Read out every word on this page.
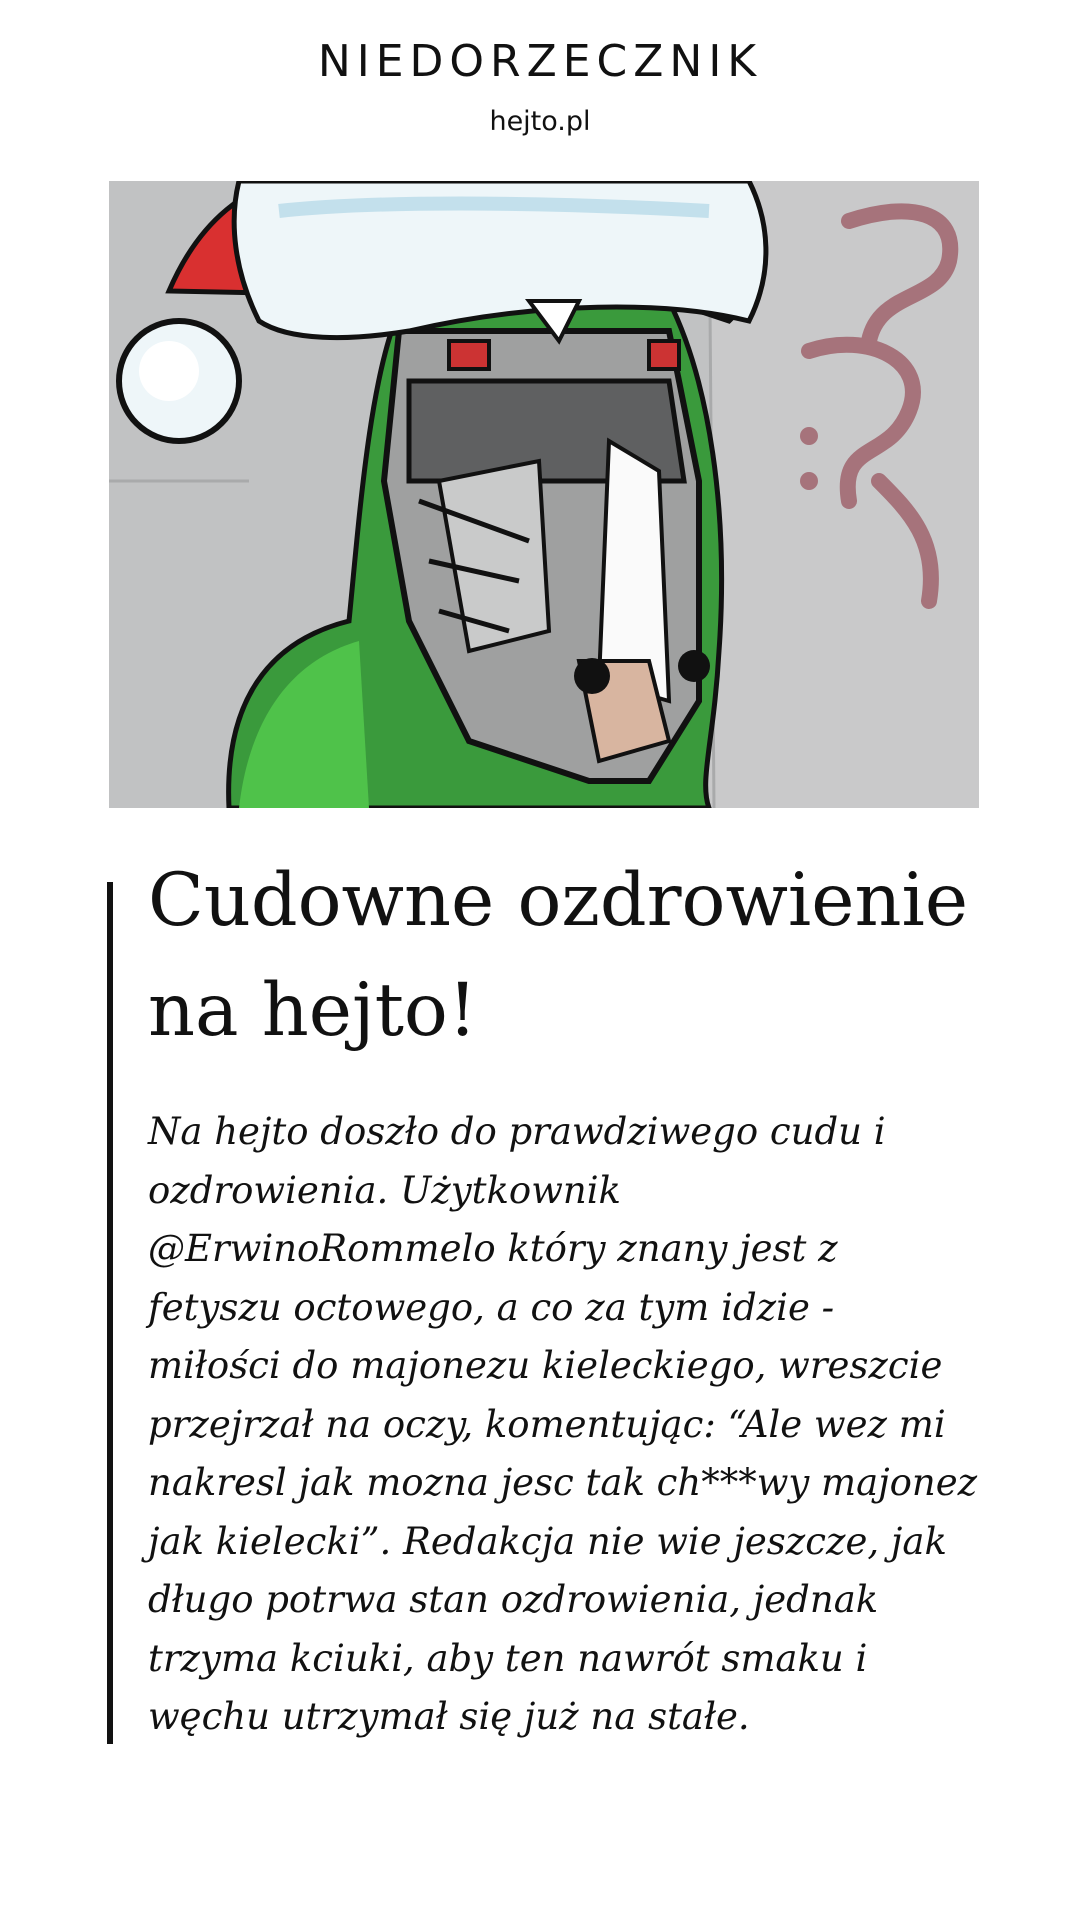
NIEDORZECZNIK
hejto.pl
Cudowne ozdrowienie na hejto!

Na hejto doszło do prawdziwego cudu i ozdrowienia. Użytkownik @ErwinoRommelo który znany jest z fetyszu octowego, a co za tym idzie - miłości do majonezu kieleckiego, wreszcie przejrzał na oczy, komentując: “Ale wez mi nakresl jak mozna jesc tak ch***wy majonez jak kielecki”. Redakcja nie wie jeszcze, jak długo potrwa stan ozdrowienia, jednak trzyma kciuki, aby ten nawrót smaku i węchu utrzymał się już na stałe.
